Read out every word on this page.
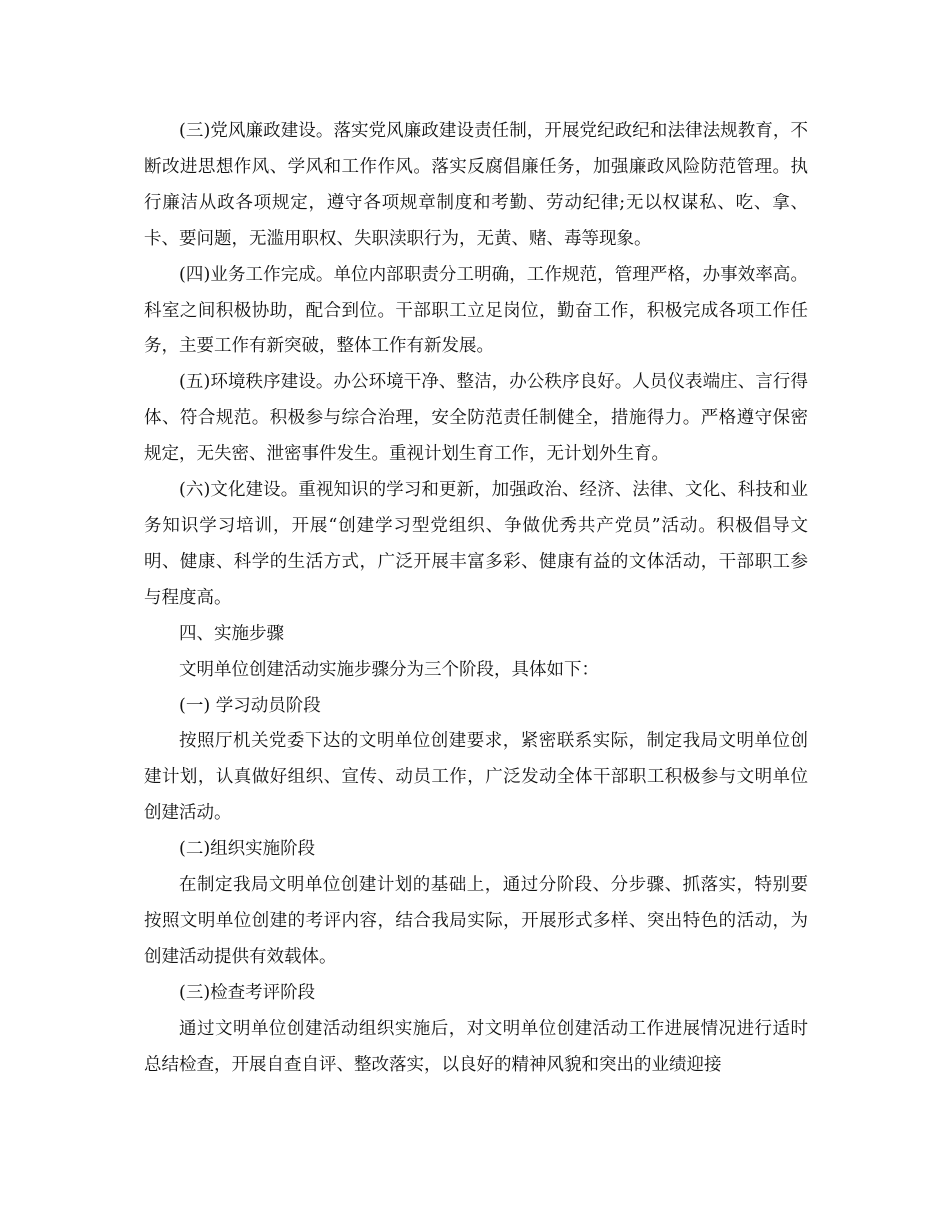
(三)党风廉政建设。落实党风廉政建设责任制，开展党纪政纪和法律法规教育，不断改进思想作风、学风和工作作风。落实反腐倡廉任务，加强廉政风险防范管理。执行廉洁从政各项规定，遵守各项规章制度和考勤、劳动纪律;无以权谋私、吃、拿、卡、要问题，无滥用职权、失职渎职行为，无黄、赌、毒等现象。

(四)业务工作完成。单位内部职责分工明确，工作规范，管理严格，办事效率高。科室之间积极协助，配合到位。干部职工立足岗位，勤奋工作，积极完成各项工作任务，主要工作有新突破，整体工作有新发展。

(五)环境秩序建设。办公环境干净、整洁，办公秩序良好。人员仪表端庄、言行得体、符合规范。积极参与综合治理，安全防范责任制健全，措施得力。严格遵守保密规定，无失密、泄密事件发生。重视计划生育工作，无计划外生育。

(六)文化建设。重视知识的学习和更新，加强政治、经济、法律、文化、科技和业务知识学习培训，开展“创建学习型党组织、争做优秀共产党员”活动。积极倡导文明、健康、科学的生活方式，广泛开展丰富多彩、健康有益的文体活动，干部职工参与程度高。

四、实施步骤

文明单位创建活动实施步骤分为三个阶段，具体如下：

(一) 学习动员阶段

按照厅机关党委下达的文明单位创建要求，紧密联系实际，制定我局文明单位创建计划，认真做好组织、宣传、动员工作，广泛发动全体干部职工积极参与文明单位创建活动。

(二)组织实施阶段

在制定我局文明单位创建计划的基础上，通过分阶段、分步骤、抓落实，特别要按照文明单位创建的考评内容，结合我局实际，开展形式多样、突出特色的活动，为创建活动提供有效载体。

(三)检查考评阶段

通过文明单位创建活动组织实施后，对文明单位创建活动工作进展情况进行适时总结检查，开展自查自评、整改落实，以良好的精神风貌和突出的业绩迎接
